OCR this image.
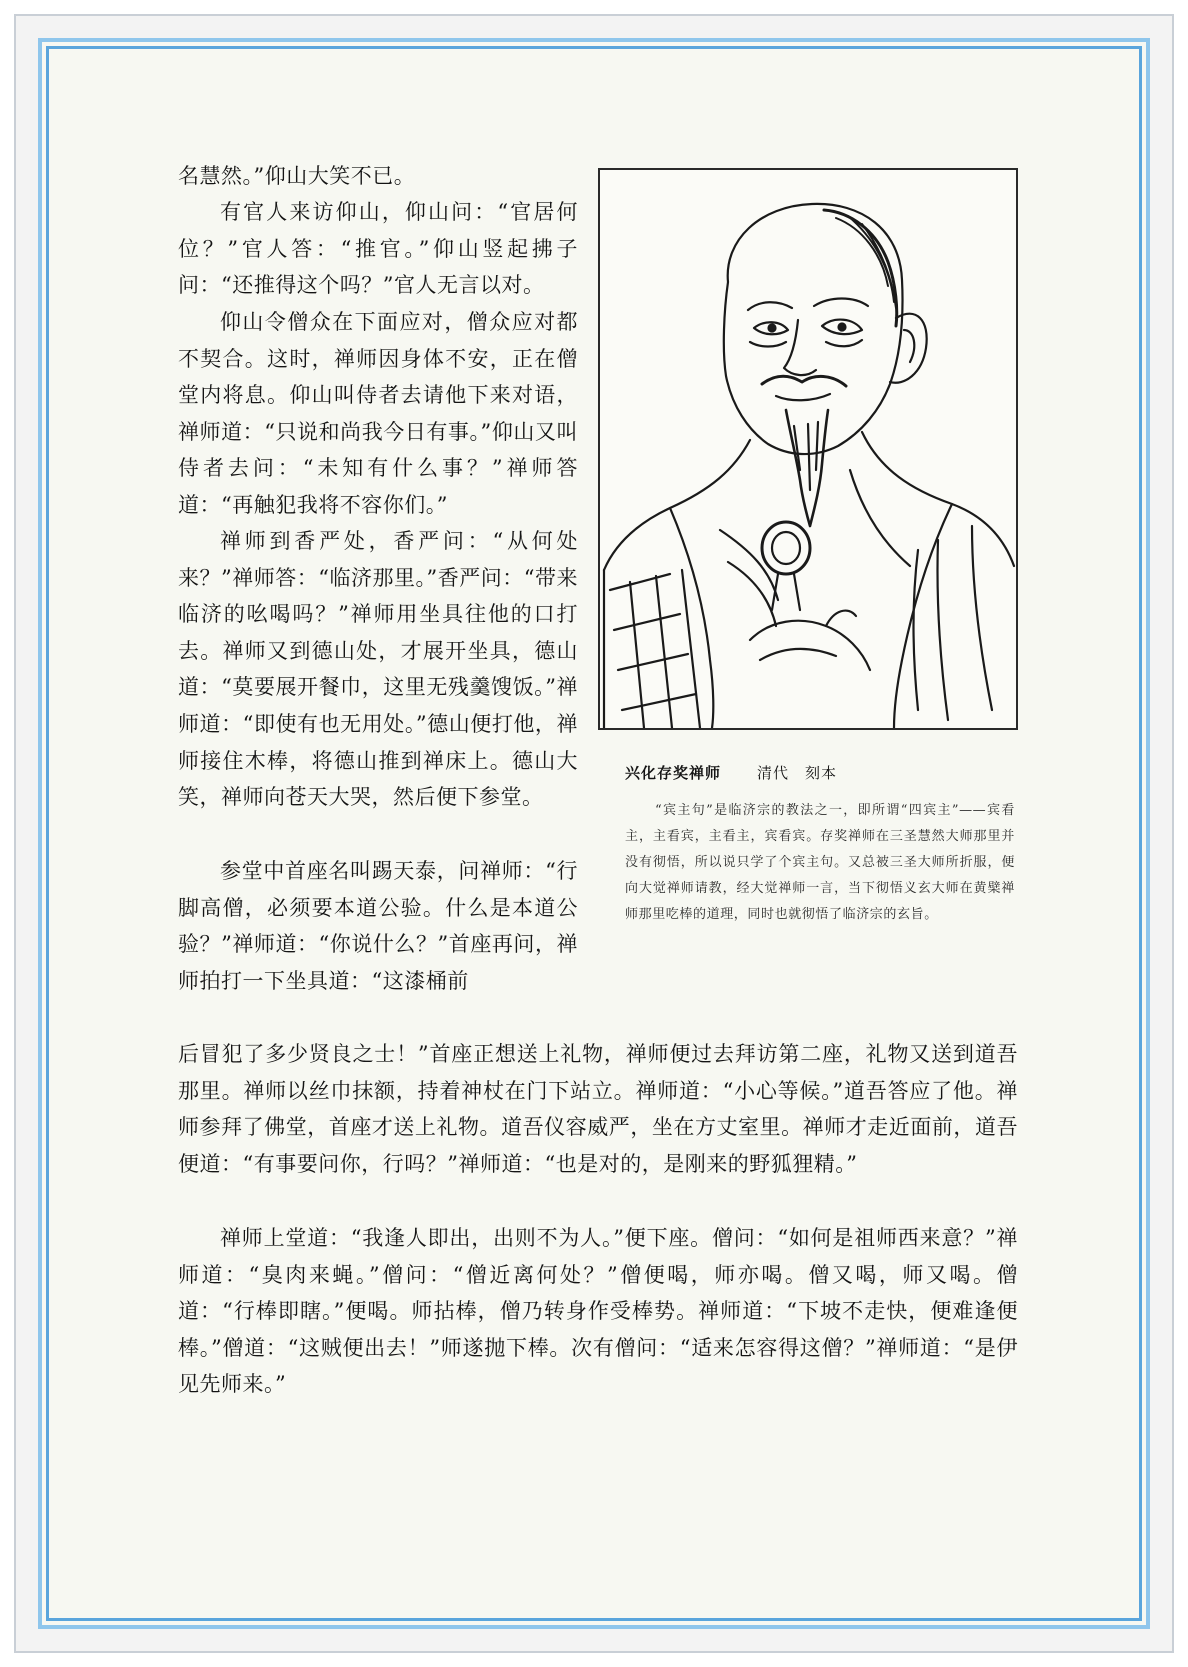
名慧然。”仰山大笑不已。

有官人来访仰山，仰山问：“官居何位？”官人答：“推官。”仰山竖起拂子问：“还推得这个吗？”官人无言以对。

仰山令僧众在下面应对，僧众应对都不契合。这时，禅师因身体不安，正在僧堂内将息。仰山叫侍者去请他下来对语，禅师道：“只说和尚我今日有事。”仰山又叫侍者去问：“未知有什么事？”禅师答道：“再触犯我将不容你们。”

禅师到香严处，香严问：“从何处来？”禅师答：“临济那里。”香严问：“带来临济的吆喝吗？”禅师用坐具往他的口打去。禅师又到德山处，才展开坐具，德山道：“莫要展开餐巾，这里无残羹馊饭。”禅师道：“即使有也无用处。”德山便打他，禅师接住木棒，将德山推到禅床上。德山大笑，禅师向苍天大哭，然后便下参堂。

参堂中首座名叫踢天泰，问禅师：“行脚高僧，必须要本道公验。什么是本道公验？”禅师道：“你说什么？”首座再问，禅师拍打一下坐具道：“这漆桶前

后冒犯了多少贤良之士！”首座正想送上礼物，禅师便过去拜访第二座，礼物又送到道吾那里。禅师以丝巾抹额，持着神杖在门下站立。禅师道：“小心等候。”道吾答应了他。禅师参拜了佛堂，首座才送上礼物。道吾仪容威严，坐在方丈室里。禅师才走近面前，道吾便道：“有事要问你，行吗？”禅师道：“也是对的，是刚来的野狐狸精。”

禅师上堂道：“我逢人即出，出则不为人。”便下座。僧问：“如何是祖师西来意？”禅师道：“臭肉来蝇。”僧问：“僧近离何处？”僧便喝，师亦喝。僧又喝，师又喝。僧道：“行棒即瞎。”便喝。师拈棒，僧乃转身作受棒势。禅师道：“下坡不走快，便难逢便棒。”僧道：“这贼便出去！”师遂抛下棒。次有僧问：“适来怎容得这僧？”禅师道：“是伊见先师来。”

兴化存奖禅师 清代　刻本
“宾主句”是临济宗的教法之一，即所谓“四宾主”——宾看主，主看宾，主看主，宾看宾。存奖禅师在三圣慧然大师那里并没有彻悟，所以说只学了个宾主句。又总被三圣大师所折服，便向大觉禅师请教，经大觉禅师一言，当下彻悟义玄大师在黄檗禅师那里吃棒的道理，同时也就彻悟了临济宗的玄旨。
